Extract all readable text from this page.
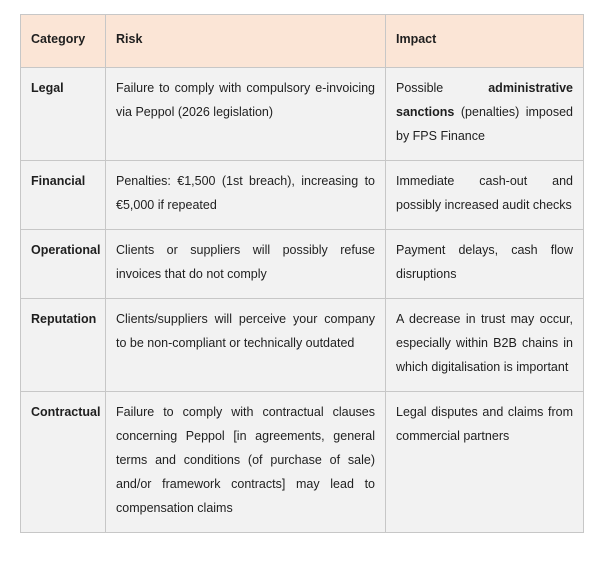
Category	Risk	Impact
Legal	Failure to comply with compulsory e-invoicing via Peppol (2026 legislation)	Possible administrative sanctions (penalties) imposed by FPS Finance
Financial	Penalties: €1,500 (1st breach), increasing to €5,000 if repeated	Immediate cash-out and possibly increased audit checks
Operational	Clients or suppliers will possibly refuse invoices that do not comply	Payment delays, cash flow disruptions
Reputation	Clients/suppliers will perceive your company to be non-compliant or technically outdated	A decrease in trust may occur, especially within B2B chains in which digitalisation is important
Contractual	Failure to comply with contractual clauses concerning Peppol [in agreements, general terms and conditions (of purchase of sale) and/or framework contracts] may lead to compensation claims	Legal disputes and claims from commercial partners
